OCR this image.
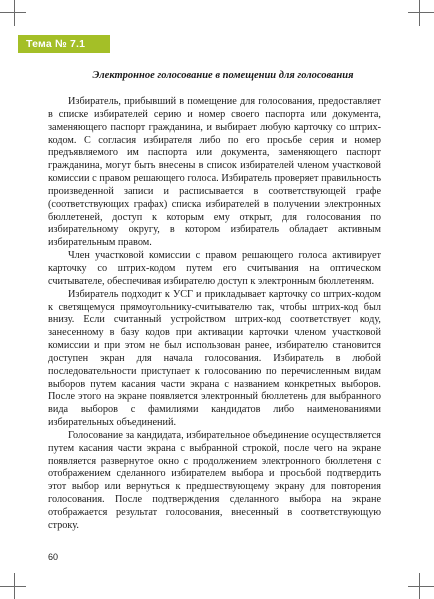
Тема № 7.1
Электронное голосование в помещении для голосования

Избиратель, прибывший в помещение для голосования, предоставляет в списке избирателей серию и номер своего паспорта или документа, заменяющего паспорт гражданина, и выбирает любую карточку со штрих-кодом. С согласия избирателя либо по его просьбе серия и номер предъявляемого им паспорта или документа, заменяющего паспорт гражданина, могут быть внесены в список избирателей членом участковой комиссии с правом решающего голоса. Избиратель проверяет правильность произведенной записи и расписывается в соответствующей графе (соответствующих графах) списка избирателей в получении электронных бюллетеней, доступ к которым ему открыт, для голосования по избирательному округу, в котором избиратель обладает активным избирательным правом.

Член участковой комиссии с правом решающего голоса активирует карточку со штрих-кодом путем его считывания на оптическом считывателе, обеспечивая избирателю доступ к электронным бюллетеням.

Избиратель подходит к УСГ и прикладывает карточку со штрих-кодом к светящемуся прямоугольнику-считывателю так, чтобы штрих-код был внизу. Если считанный устройством штрих-код соответствует коду, занесенному в базу кодов при активации карточки членом участковой комиссии и при этом не был использован ранее, избирателю становится доступен экран для начала голосования. Избиратель в любой последовательности приступает к голосованию по перечисленным видам выборов путем касания части экрана с названием конкретных выборов. После этого на экране появляется электронный бюллетень для выбранного вида выборов с фамилиями кандидатов либо наименованиями избирательных объединений.

Голосование за кандидата, избирательное объединение осуществляется путем касания части экрана с выбранной строкой, после чего на экране появляется развернутое окно с продолжением электронного бюллетеня с отображением сделанного избирателем выбора и просьбой подтвердить этот выбор или вернуться к предшествующему экрану для повторения голосования. После подтверждения сделанного выбора на экране отображается результат голосования, внесенный в соответствующую строку.

60
